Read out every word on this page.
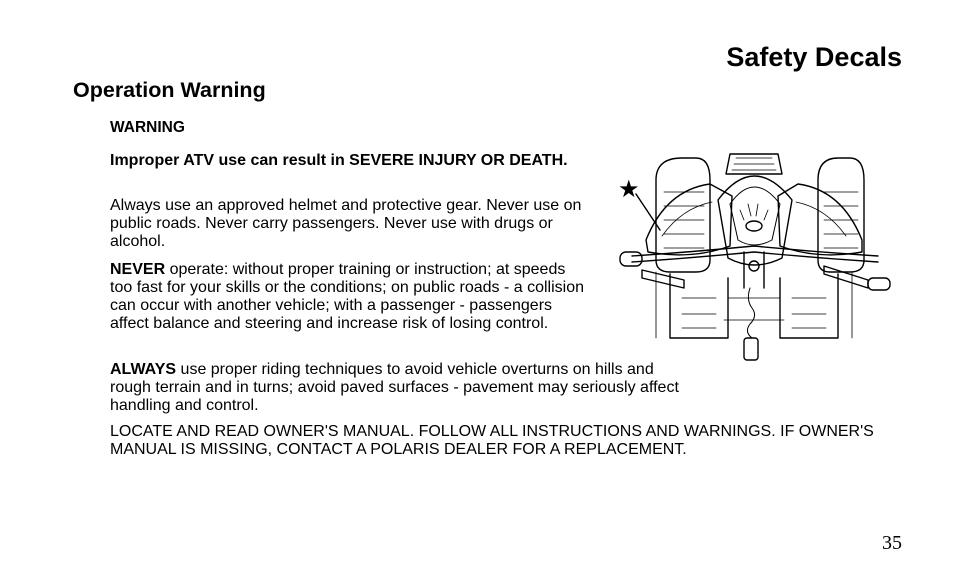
Safety Decals
Operation Warning

WARNING

Improper ATV use can result in SEVERE INJURY OR DEATH.

Always use an approved helmet and protective gear. Never use on public roads. Never carry passengers. Never use with drugs or alcohol.

NEVER operate: without proper training or instruction; at speeds too fast for your skills or the conditions; on public roads - a collision can occur with another vehicle; with a passenger - passengers affect balance and steering and increase risk of losing control.

ALWAYS use proper riding techniques to avoid vehicle overturns on hills and rough terrain and in turns; avoid paved surfaces - pavement may seriously affect handling and control.

LOCATE AND READ OWNER'S MANUAL. FOLLOW ALL INSTRUCTIONS AND WARNINGS. IF OWNER'S MANUAL IS MISSING, CONTACT A POLARIS DEALER FOR A REPLACEMENT.

★

35
